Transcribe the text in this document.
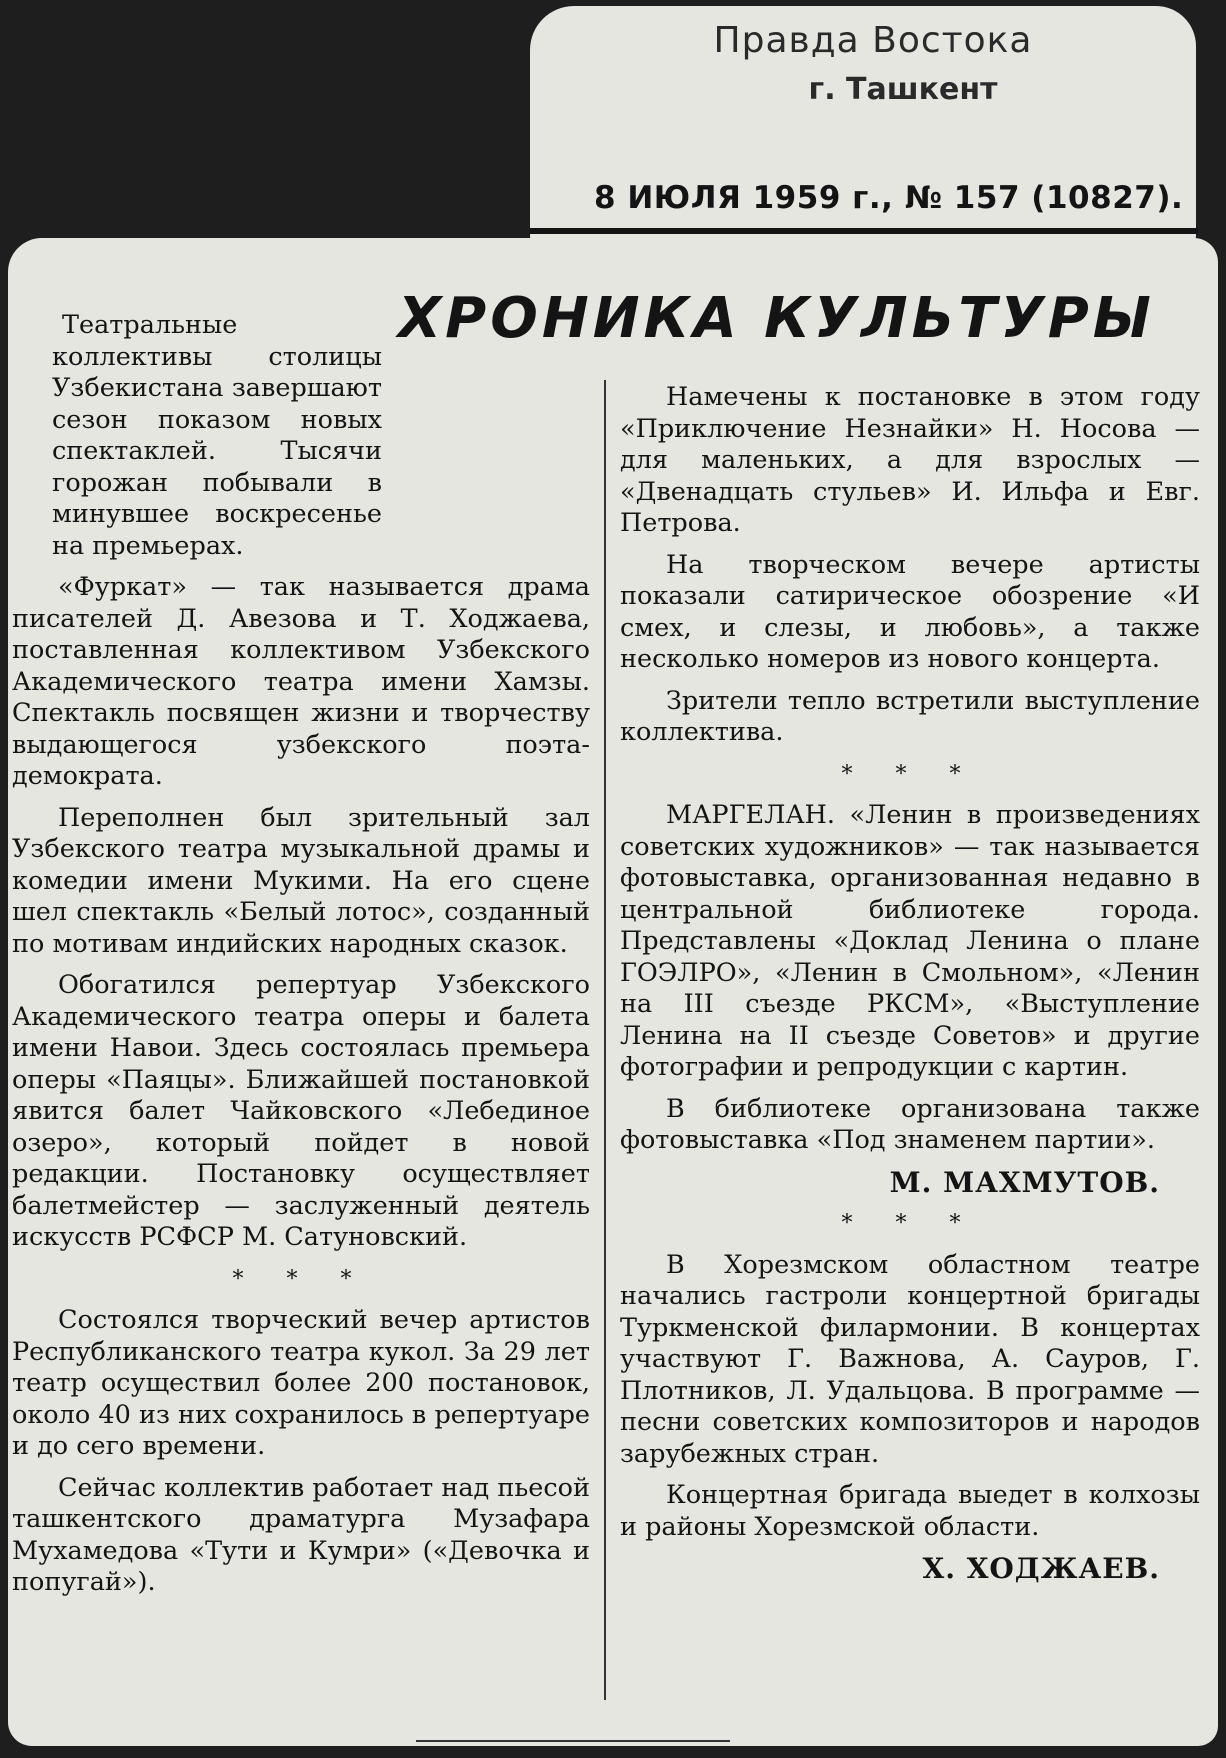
Правда Востока
г. Ташкент
8 ИЮЛЯ 1959 г., № 157 (10827).
ХРОНИКА КУЛЬТУРЫ

Театральные коллективы столицы Узбекистана завершают сезон показом новых спектаклей. Тысячи горожан побывали в минувшее воскресенье на премьерах.

«Фуркат» — так называется драма писателей Д. Авезова и Т. Ходжаева, поставленная коллективом Узбекского Академического театра имени Хамзы. Спектакль посвящен жизни и творчеству выдающегося узбекского поэта-демократа.

Переполнен был зрительный зал Узбекского театра музыкальной драмы и комедии имени Мукими. На его сцене шел спектакль «Белый лотос», созданный по мотивам индийских народных сказок.

Обогатился репертуар Узбекского Академического театра оперы и балета имени Навои. Здесь состоялась премьера оперы «Паяцы». Ближайшей постановкой явится балет Чайковского «Лебединое озеро», который пойдет в новой редакции. Постановку осуществляет балетмейстер — заслуженный деятель искусств РСФСР М. Сатуновский.

* * *

Состоялся творческий вечер артистов Республиканского театра кукол. За 29 лет театр осуществил более 200 постановок, около 40 из них сохранилось в репертуаре и до сего времени.

Сейчас коллектив работает над пьесой ташкентского драматурга Музафара Мухамедова «Тути и Кумри» («Девочка и попугай»).

Намечены к постановке в этом году «Приключение Незнайки» Н. Носова — для маленьких, а для взрослых — «Двенадцать стульев» И. Ильфа и Евг. Петрова.

На творческом вечере артисты показали сатирическое обозрение «И смех, и слезы, и любовь», а также несколько номеров из нового концерта.

Зрители тепло встретили выступление коллектива.

* * *

МАРГЕЛАН. «Ленин в произведениях советских художников» — так называется фотовыставка, организованная недавно в центральной библиотеке города. Представлены «Доклад Ленина о плане ГОЭЛРО», «Ленин в Смольном», «Ленин на III съезде РКСМ», «Выступление Ленина на II съезде Советов» и другие фотографии и репродукции с картин.

В библиотеке организована также фотовыставка «Под знаменем партии».

М. МАХМУТОВ.
* * *

В Хорезмском областном театре начались гастроли концертной бригады Туркменской филармонии. В концертах участвуют Г. Важнова, А. Сауров, Г. Плотников, Л. Удальцова. В программе — песни советских композиторов и народов зарубежных стран.

Концертная бригада выедет в колхозы и районы Хорезмской области.

Х. ХОДЖАЕВ.
